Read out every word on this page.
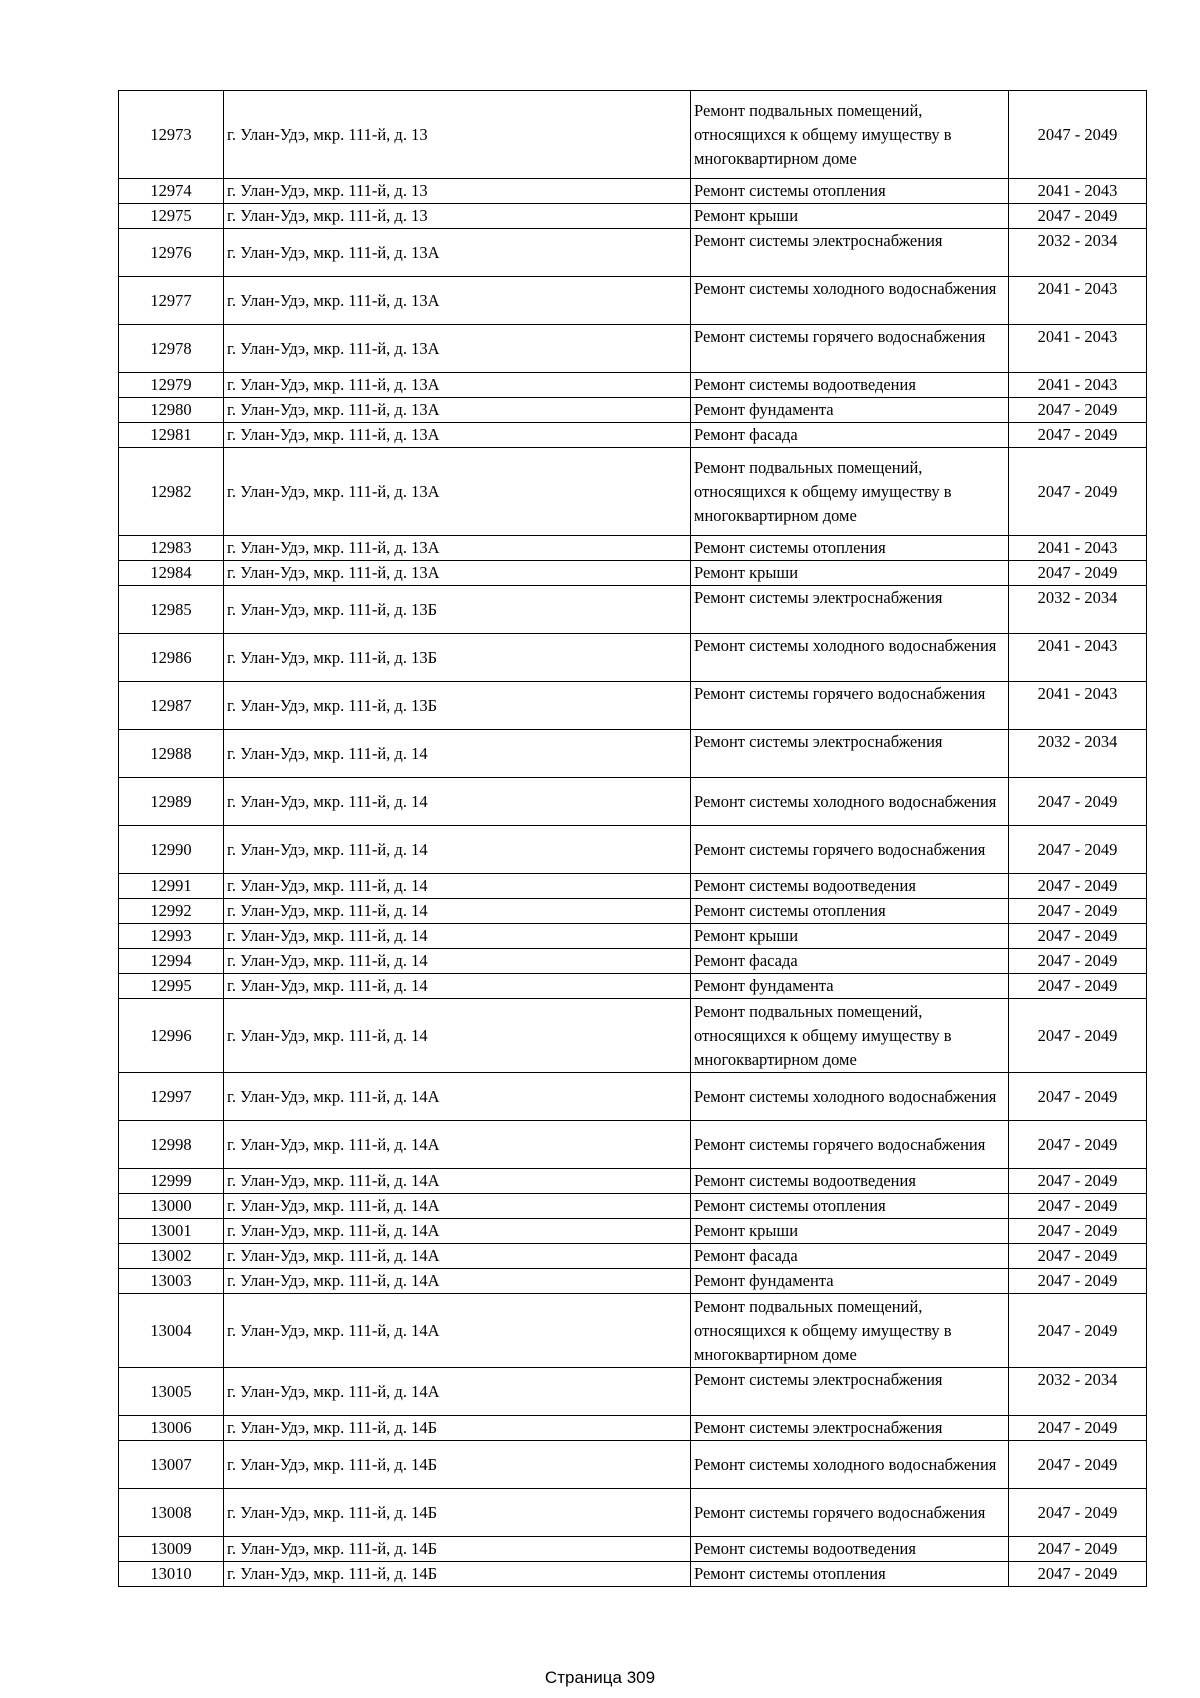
12973	г. Улан-Удэ, мкр. 111-й, д. 13	Ремонт подвальных помещений, относящихся к общему имуществу в многоквартирном доме	2047 - 2049
12974	г. Улан-Удэ, мкр. 111-й, д. 13	Ремонт системы отопления	2041 - 2043
12975	г. Улан-Удэ, мкр. 111-й, д. 13	Ремонт крыши	2047 - 2049
12976	г. Улан-Удэ, мкр. 111-й, д. 13А	Ремонт системы электроснабжения	2032 - 2034
12977	г. Улан-Удэ, мкр. 111-й, д. 13А	Ремонт системы холодного водоснабжения	2041 - 2043
12978	г. Улан-Удэ, мкр. 111-й, д. 13А	Ремонт системы горячего водоснабжения	2041 - 2043
12979	г. Улан-Удэ, мкр. 111-й, д. 13А	Ремонт системы водоотведения	2041 - 2043
12980	г. Улан-Удэ, мкр. 111-й, д. 13А	Ремонт фундамента	2047 - 2049
12981	г. Улан-Удэ, мкр. 111-й, д. 13А	Ремонт фасада	2047 - 2049
12982	г. Улан-Удэ, мкр. 111-й, д. 13А	Ремонт подвальных помещений, относящихся к общему имуществу в многоквартирном доме	2047 - 2049
12983	г. Улан-Удэ, мкр. 111-й, д. 13А	Ремонт системы отопления	2041 - 2043
12984	г. Улан-Удэ, мкр. 111-й, д. 13А	Ремонт крыши	2047 - 2049
12985	г. Улан-Удэ, мкр. 111-й, д. 13Б	Ремонт системы электроснабжения	2032 - 2034
12986	г. Улан-Удэ, мкр. 111-й, д. 13Б	Ремонт системы холодного водоснабжения	2041 - 2043
12987	г. Улан-Удэ, мкр. 111-й, д. 13Б	Ремонт системы горячего водоснабжения	2041 - 2043
12988	г. Улан-Удэ, мкр. 111-й, д. 14	Ремонт системы электроснабжения	2032 - 2034
12989	г. Улан-Удэ, мкр. 111-й, д. 14	Ремонт системы холодного водоснабжения	2047 - 2049
12990	г. Улан-Удэ, мкр. 111-й, д. 14	Ремонт системы горячего водоснабжения	2047 - 2049
12991	г. Улан-Удэ, мкр. 111-й, д. 14	Ремонт системы водоотведения	2047 - 2049
12992	г. Улан-Удэ, мкр. 111-й, д. 14	Ремонт системы отопления	2047 - 2049
12993	г. Улан-Удэ, мкр. 111-й, д. 14	Ремонт крыши	2047 - 2049
12994	г. Улан-Удэ, мкр. 111-й, д. 14	Ремонт фасада	2047 - 2049
12995	г. Улан-Удэ, мкр. 111-й, д. 14	Ремонт фундамента	2047 - 2049
12996	г. Улан-Удэ, мкр. 111-й, д. 14	Ремонт подвальных помещений, относящихся к общему имуществу в многоквартирном доме	2047 - 2049
12997	г. Улан-Удэ, мкр. 111-й, д. 14А	Ремонт системы холодного водоснабжения	2047 - 2049
12998	г. Улан-Удэ, мкр. 111-й, д. 14А	Ремонт системы горячего водоснабжения	2047 - 2049
12999	г. Улан-Удэ, мкр. 111-й, д. 14А	Ремонт системы водоотведения	2047 - 2049
13000	г. Улан-Удэ, мкр. 111-й, д. 14А	Ремонт системы отопления	2047 - 2049
13001	г. Улан-Удэ, мкр. 111-й, д. 14А	Ремонт крыши	2047 - 2049
13002	г. Улан-Удэ, мкр. 111-й, д. 14А	Ремонт фасада	2047 - 2049
13003	г. Улан-Удэ, мкр. 111-й, д. 14А	Ремонт фундамента	2047 - 2049
13004	г. Улан-Удэ, мкр. 111-й, д. 14А	Ремонт подвальных помещений, относящихся к общему имуществу в многоквартирном доме	2047 - 2049
13005	г. Улан-Удэ, мкр. 111-й, д. 14А	Ремонт системы электроснабжения	2032 - 2034
13006	г. Улан-Удэ, мкр. 111-й, д. 14Б	Ремонт системы электроснабжения	2047 - 2049
13007	г. Улан-Удэ, мкр. 111-й, д. 14Б	Ремонт системы холодного водоснабжения	2047 - 2049
13008	г. Улан-Удэ, мкр. 111-й, д. 14Б	Ремонт системы горячего водоснабжения	2047 - 2049
13009	г. Улан-Удэ, мкр. 111-й, д. 14Б	Ремонт системы водоотведения	2047 - 2049
13010	г. Улан-Удэ, мкр. 111-й, д. 14Б	Ремонт системы отопления	2047 - 2049
Страница 309
